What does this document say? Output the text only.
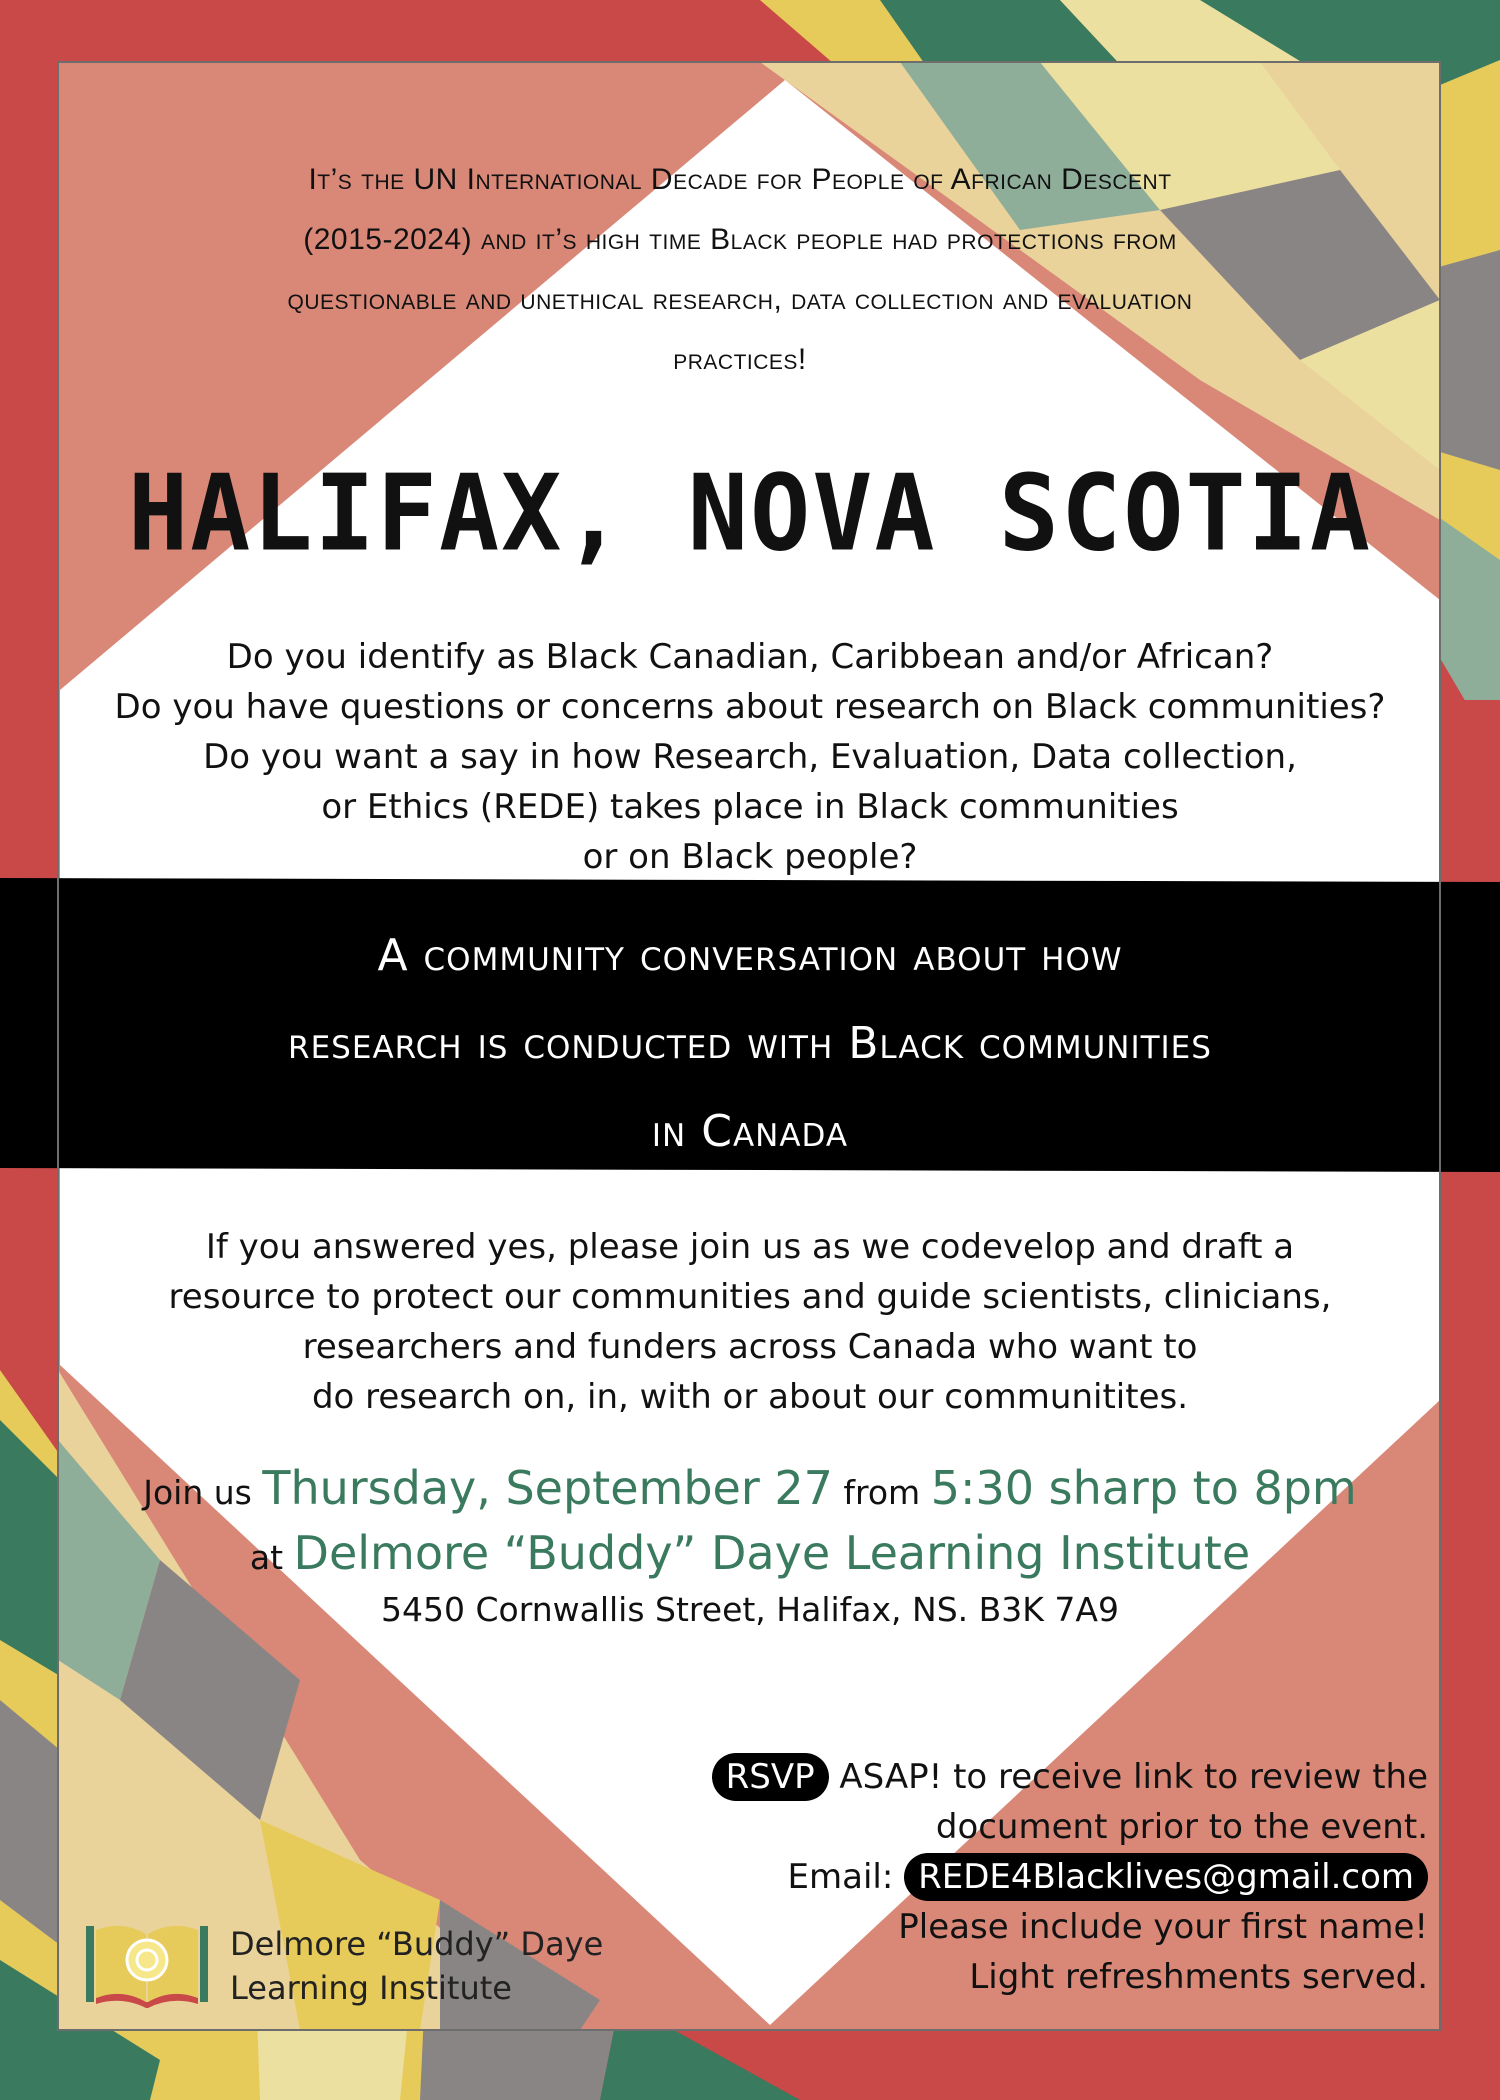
It’s the UN International Decade for People of African Descent
(2015-2024) and it’s high time Black people had protections from
questionable and unethical research, data collection and evaluation
practices!
HALIFAX, NOVA SCOTIA
Do you identify as Black Canadian, Caribbean and/or African?
Do you have questions or concerns about research on Black communities?
Do you want a say in how Research, Evaluation, Data collection,
or Ethics (REDE) takes place in Black communities
or on Black people?
A community conversation about how
research is conducted with Black communities
in Canada
If you answered yes, please join us as we codevelop and draft a
resource to protect our communities and guide scientists, clinicians,
researchers and funders across Canada who want to
do research on, in, with or about our communitites.
Join us Thursday, September 27 from 5:30 sharp to 8pm
at Delmore “Buddy” Daye Learning Institute
5450 Cornwallis Street, Halifax, NS. B3K 7A9
RSVP ASAP! to receive link to review the
document prior to the event.
Email: REDE4Blacklives@gmail.com
Please include your first name!
Light refreshments served.
Delmore “Buddy” Daye
Learning Institute
